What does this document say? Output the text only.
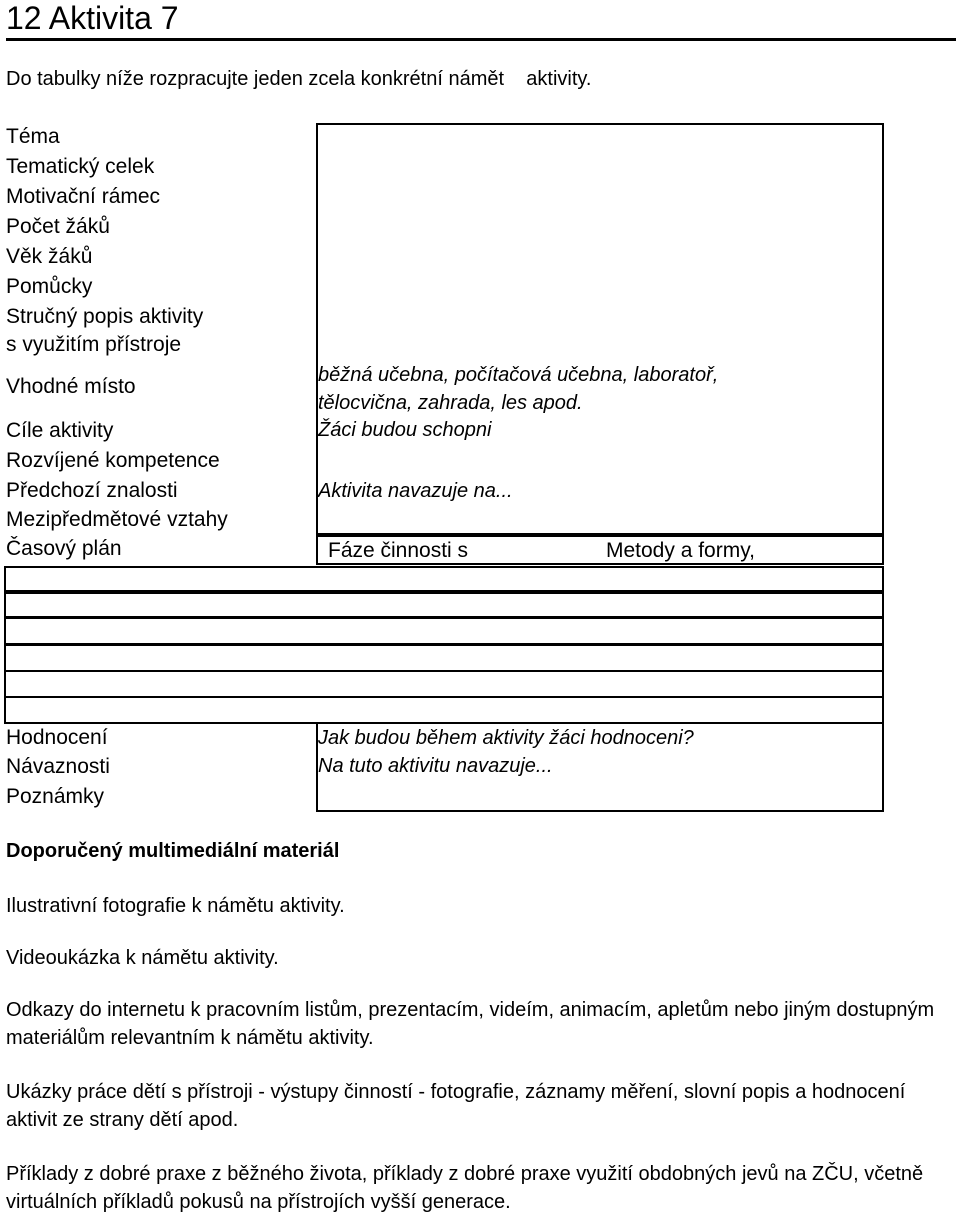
12 Aktivita 7
Do tabulky níže rozpracujte jeden zcela konkrétní námět    aktivity.
Téma
Tematický celek
Motivační rámec
Počet žáků
Věk žáků
Pomůcky
Stručný popis aktivity
s využitím přístroje
Vhodné místo
Cíle aktivity
Rozvíjené kompetence
Předchozí znalosti
Mezipředmětové vztahy
běžná učebna, počítačová učebna, laboratoř,
tělocvična, zahrada, les apod.
Žáci budou schopni
Aktivita navazuje na...
Časový plán	Fáze činnosti s	Metody a formy,
Hodnocení
Návaznosti
Poznámky
Jak budou během aktivity žáci hodnoceni?
Na tuto aktivitu navazuje...
Doporučený multimediální materiál
Ilustrativní fotografie k námětu aktivity.
Videoukázka k námětu aktivity.
Odkazy do internetu k pracovním listům, prezentacím, videím, animacím, apletům nebo jiným dostupným materiálům relevantním k námětu aktivity.
Ukázky práce dětí s přístroji - výstupy činností - fotografie, záznamy měření, slovní popis a hodnocení aktivit ze strany dětí apod.
Příklady z dobré praxe z běžného života, příklady z dobré praxe využití obdobných jevů na ZČU, včetně virtuálních příkladů pokusů na přístrojích vyšší generace.
